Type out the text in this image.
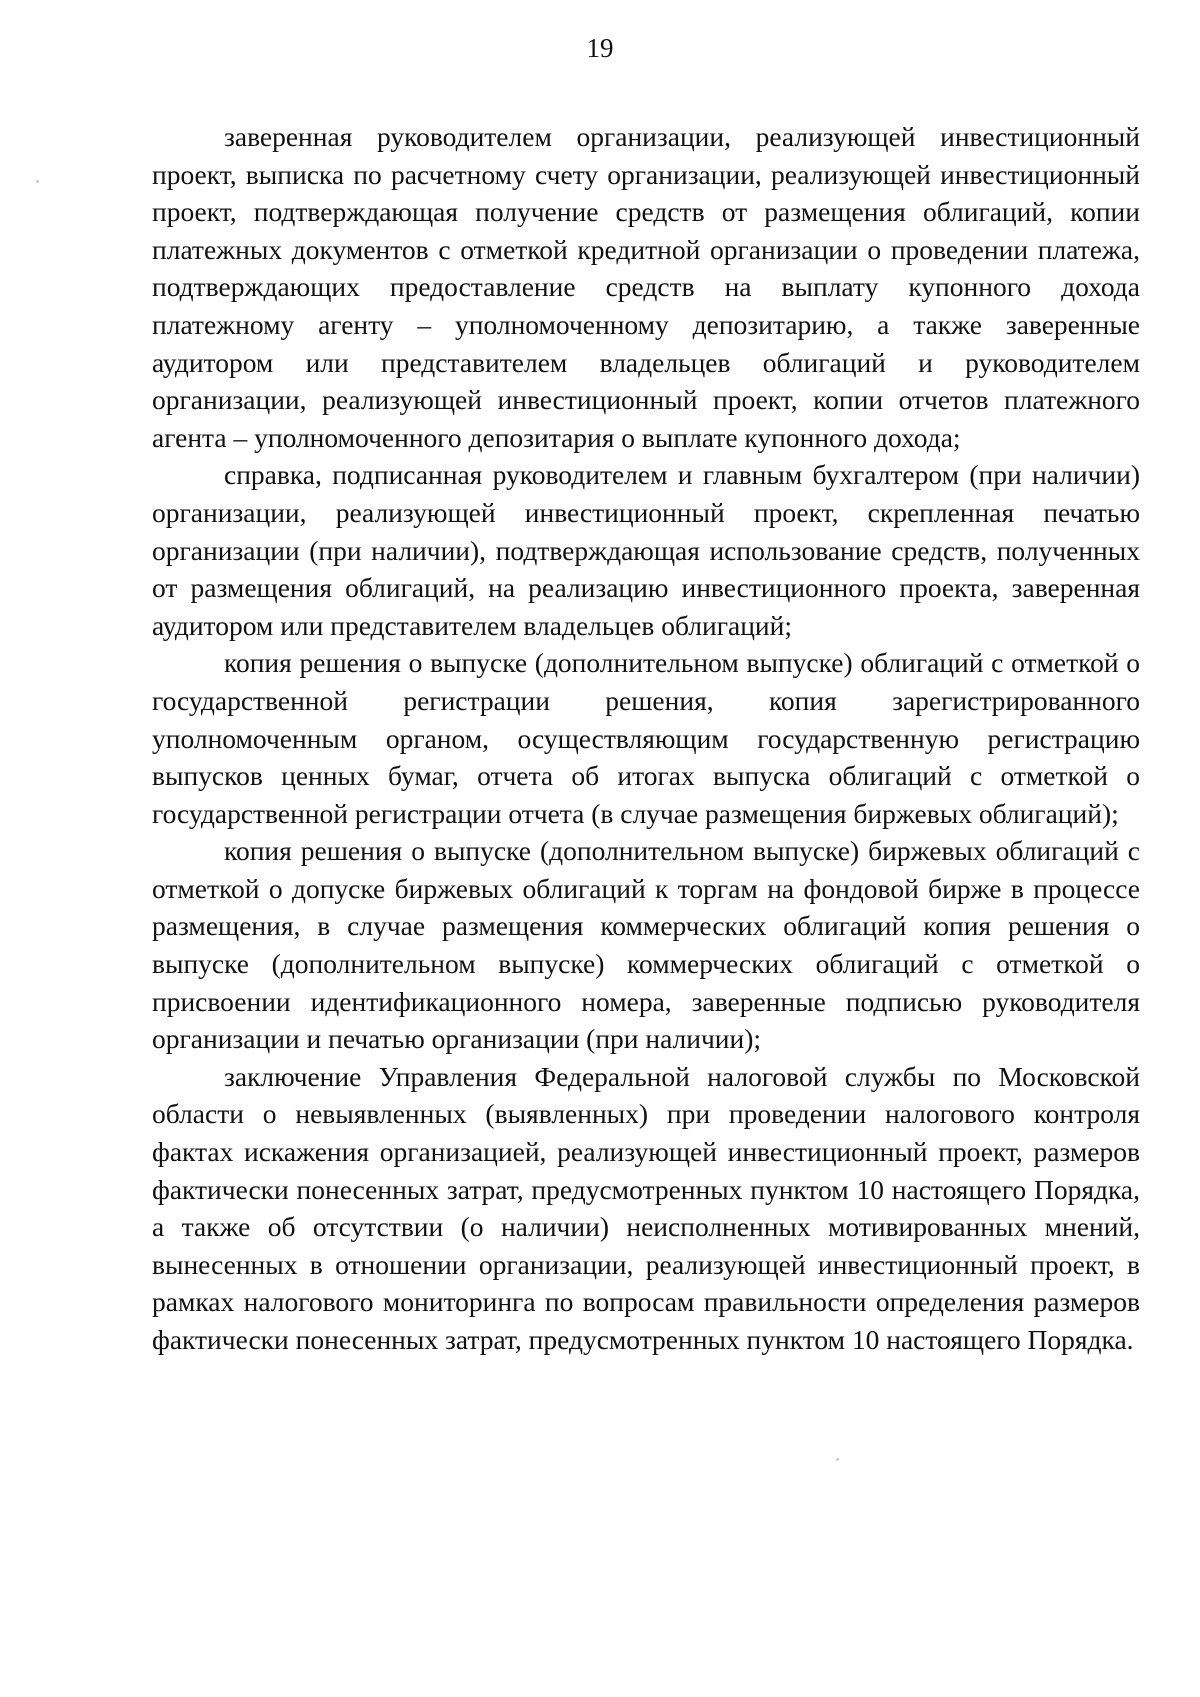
19

заверенная руководителем организации, реализующей инвестиционный проект, выписка по расчетному счету организации, реализующей инвестиционный проект, подтверждающая получение средств от размещения облигаций, копии платежных документов с отметкой кредитной организации о проведении платежа, подтверждающих предоставление средств на выплату купонного дохода платежному агенту – уполномоченному депозитарию, а также заверенные аудитором или представителем владельцев облигаций и руководителем организации, реализующей инвестиционный проект, копии отчетов платежного агента – уполномоченного депозитария о выплате купонного дохода;

справка, подписанная руководителем и главным бухгалтером (при наличии) организации, реализующей инвестиционный проект, скрепленная печатью организации (при наличии), подтверждающая использование средств, полученных от размещения облигаций, на реализацию инвестиционного проекта, заверенная аудитором или представителем владельцев облигаций;

копия решения о выпуске (дополнительном выпуске) облигаций с отметкой о государственной регистрации решения, копия зарегистрированного уполномоченным органом, осуществляющим государственную регистрацию выпусков ценных бумаг, отчета об итогах выпуска облигаций с отметкой о государственной регистрации отчета (в случае размещения биржевых облигаций);

копия решения о выпуске (дополнительном выпуске) биржевых облигаций с отметкой о допуске биржевых облигаций к торгам на фондовой бирже в процессе размещения, в случае размещения коммерческих облигаций копия решения о выпуске (дополнительном выпуске) коммерческих облигаций с отметкой о присвоении идентификационного номера, заверенные подписью руководителя организации и печатью организации (при наличии);

заключение Управления Федеральной налоговой службы по Московской области о невыявленных (выявленных) при проведении налогового контроля фактах искажения организацией, реализующей инвестиционный проект, размеров фактически понесенных затрат, предусмотренных пунктом 10 настоящего Порядка, а также об отсутствии (о наличии) неисполненных мотивированных мнений, вынесенных в отношении организации, реализующей инвестиционный проект, в рамках налогового мониторинга по вопросам правильности определения размеров фактически понесенных затрат, предусмотренных пунктом 10 настоящего Порядка.
